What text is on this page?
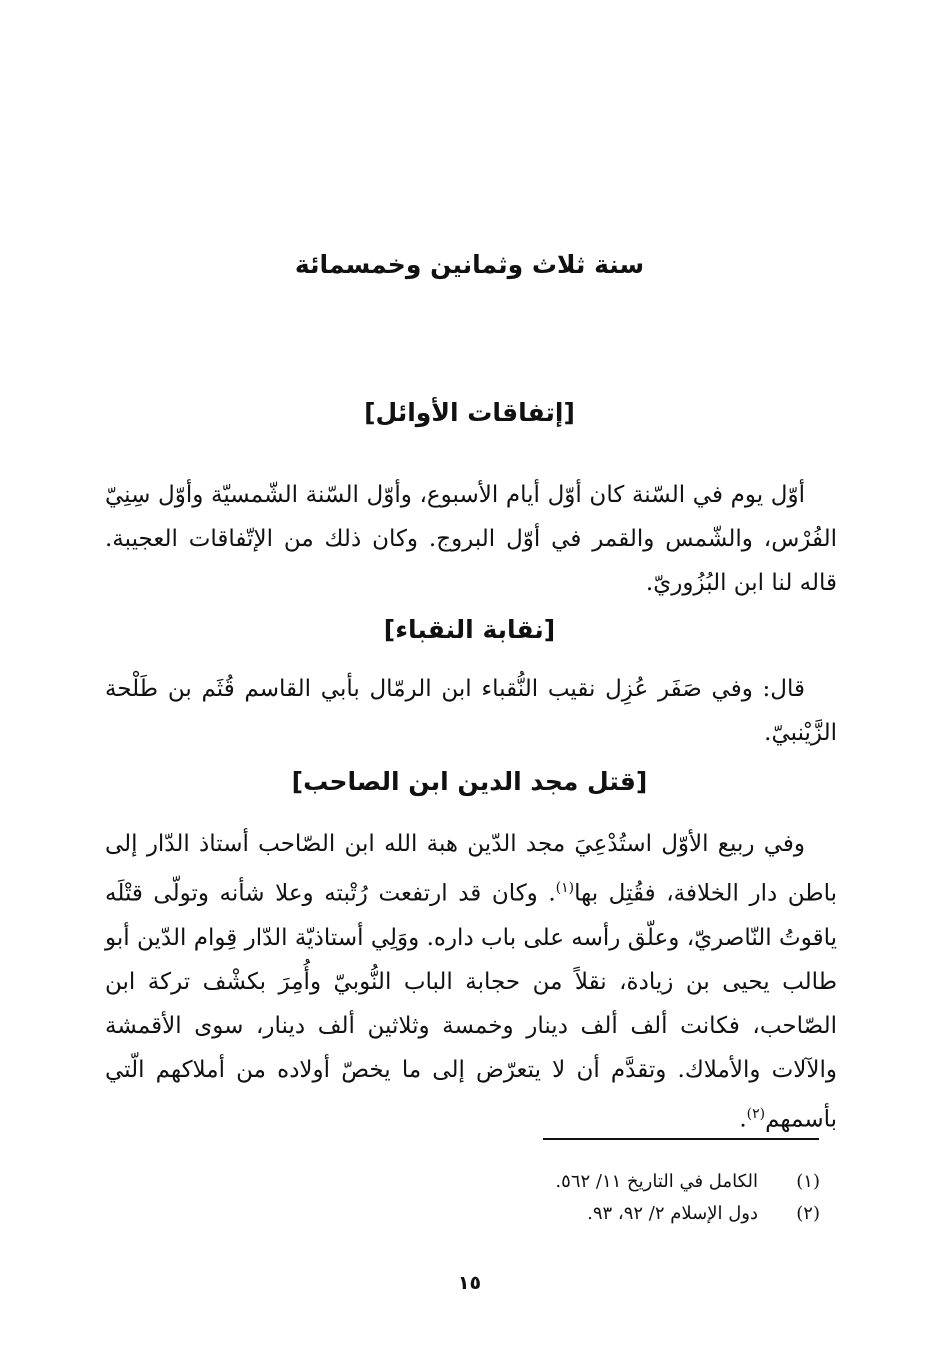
سنة ثلاث وثمانين وخمسمائة
[إتفاقات الأوائل]
أوّل يوم في السّنة كان أوّل أيام الأسبوع، وأوّل السّنة الشّمسيّة وأوّل سِنِيّ الفُرْس، والشّمس والقمر في أوّل البروج. وكان ذلك من الإتّفاقات العجيبة. قاله لنا ابن البُزُوريّ.
[نقابة النقباء]
قال: وفي صَفَر عُزِل نقيب النُّقباء ابن الرمّال بأبي القاسم قُثَم بن طَلْحة الزَّيْنبيّ.
[قتل مجد الدين ابن الصاحب]
وفي ربيع الأوّل استُدْعِيَ مجد الدّين هبة الله ابن الصّاحب أستاذ الدّار إلى باطن دار الخلافة، فقُتِل بها$^{(١)}$. وكان قد ارتفعت رُتْبته وعلا شأنه وتولّى قتْلَه ياقوتُ النّاصريّ، وعلّق رأسه على باب داره. ووَلِي أستاذيّة الدّار قِوام الدّين أبو طالب يحيى بن زيادة، نقلاً من حجابة الباب النُّوبيّ وأُمِرَ بكشْف تركة ابن الصّاحب، فكانت ألف ألف دينار وخمسة وثلاثين ألف دينار، سوى الأقمشة والآلات والأملاك. وتقدَّم أن لا يتعرّض إلى ما يخصّ أولاده من أملاكهم الّتي بأسمهم$^{(٢)}$.
(١)
الكامل في التاريخ ١١/ ٥٦٢.
(٢)
دول الإسلام ٢/ ٩٢، ٩٣.
١٥
